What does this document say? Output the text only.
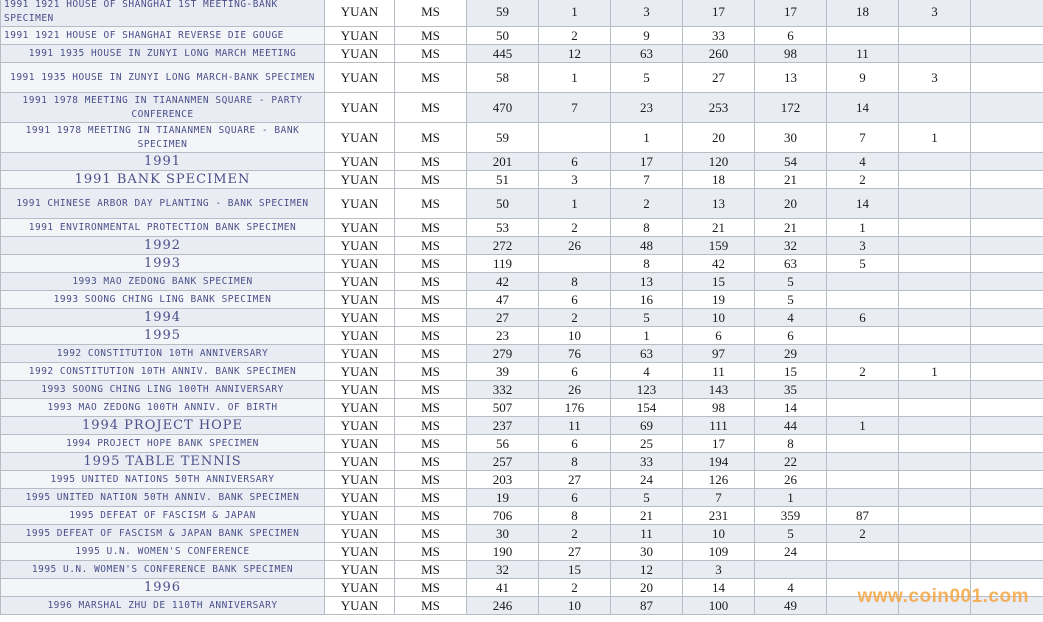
1991 1921 HOUSE OF SHANGHAI 1ST MEETING-BANK SPECIMEN	YUAN	MS	59	1	3	17	17	18	3	
1991 1921 HOUSE OF SHANGHAI REVERSE DIE GOUGE	YUAN	MS	50	2	9	33	6			
1991 1935 HOUSE IN ZUNYI LONG MARCH MEETING	YUAN	MS	445	12	63	260	98	11		
1991 1935 HOUSE IN ZUNYI LONG MARCH-BANK SPECIMEN	YUAN	MS	58	1	5	27	13	9	3	
1991 1978 MEETING IN TIANANMEN SQUARE - PARTY CONFERENCE	YUAN	MS	470	7	23	253	172	14		
1991 1978 MEETING IN TIANANMEN SQUARE - BANK SPECIMEN	YUAN	MS	59		1	20	30	7	1	
1991	YUAN	MS	201	6	17	120	54	4		
1991 BANK SPECIMEN	YUAN	MS	51	3	7	18	21	2		
1991 CHINESE ARBOR DAY PLANTING - BANK SPECIMEN	YUAN	MS	50	1	2	13	20	14		
1991 ENVIRONMENTAL PROTECTION BANK SPECIMEN	YUAN	MS	53	2	8	21	21	1		
1992	YUAN	MS	272	26	48	159	32	3		
1993	YUAN	MS	119		8	42	63	5		
1993 MAO ZEDONG BANK SPECIMEN	YUAN	MS	42	8	13	15	5			
1993 SOONG CHING LING BANK SPECIMEN	YUAN	MS	47	6	16	19	5			
1994	YUAN	MS	27	2	5	10	4	6		
1995	YUAN	MS	23	10	1	6	6			
1992 CONSTITUTION 10TH ANNIVERSARY	YUAN	MS	279	76	63	97	29			
1992 CONSTITUTION 10TH ANNIV. BANK SPECIMEN	YUAN	MS	39	6	4	11	15	2	1	
1993 SOONG CHING LING 100TH ANNIVERSARY	YUAN	MS	332	26	123	143	35			
1993 MAO ZEDONG 100TH ANNIV. OF BIRTH	YUAN	MS	507	176	154	98	14			
1994 PROJECT HOPE	YUAN	MS	237	11	69	111	44	1		
1994 PROJECT HOPE BANK SPECIMEN	YUAN	MS	56	6	25	17	8			
1995 TABLE TENNIS	YUAN	MS	257	8	33	194	22			
1995 UNITED NATIONS 50TH ANNIVERSARY	YUAN	MS	203	27	24	126	26			
1995 UNITED NATION 50TH ANNIV. BANK SPECIMEN	YUAN	MS	19	6	5	7	1			
1995 DEFEAT OF FASCISM & JAPAN	YUAN	MS	706	8	21	231	359	87		
1995 DEFEAT OF FASCISM & JAPAN BANK SPECIMEN	YUAN	MS	30	2	11	10	5	2		
1995 U.N. WOMEN'S CONFERENCE	YUAN	MS	190	27	30	109	24			
1995 U.N. WOMEN'S CONFERENCE BANK SPECIMEN	YUAN	MS	32	15	12	3				
1996	YUAN	MS	41	2	20	14	4			
1996 MARSHAL ZHU DE 110TH ANNIVERSARY	YUAN	MS	246	10	87	100	49				www.coin001.com
